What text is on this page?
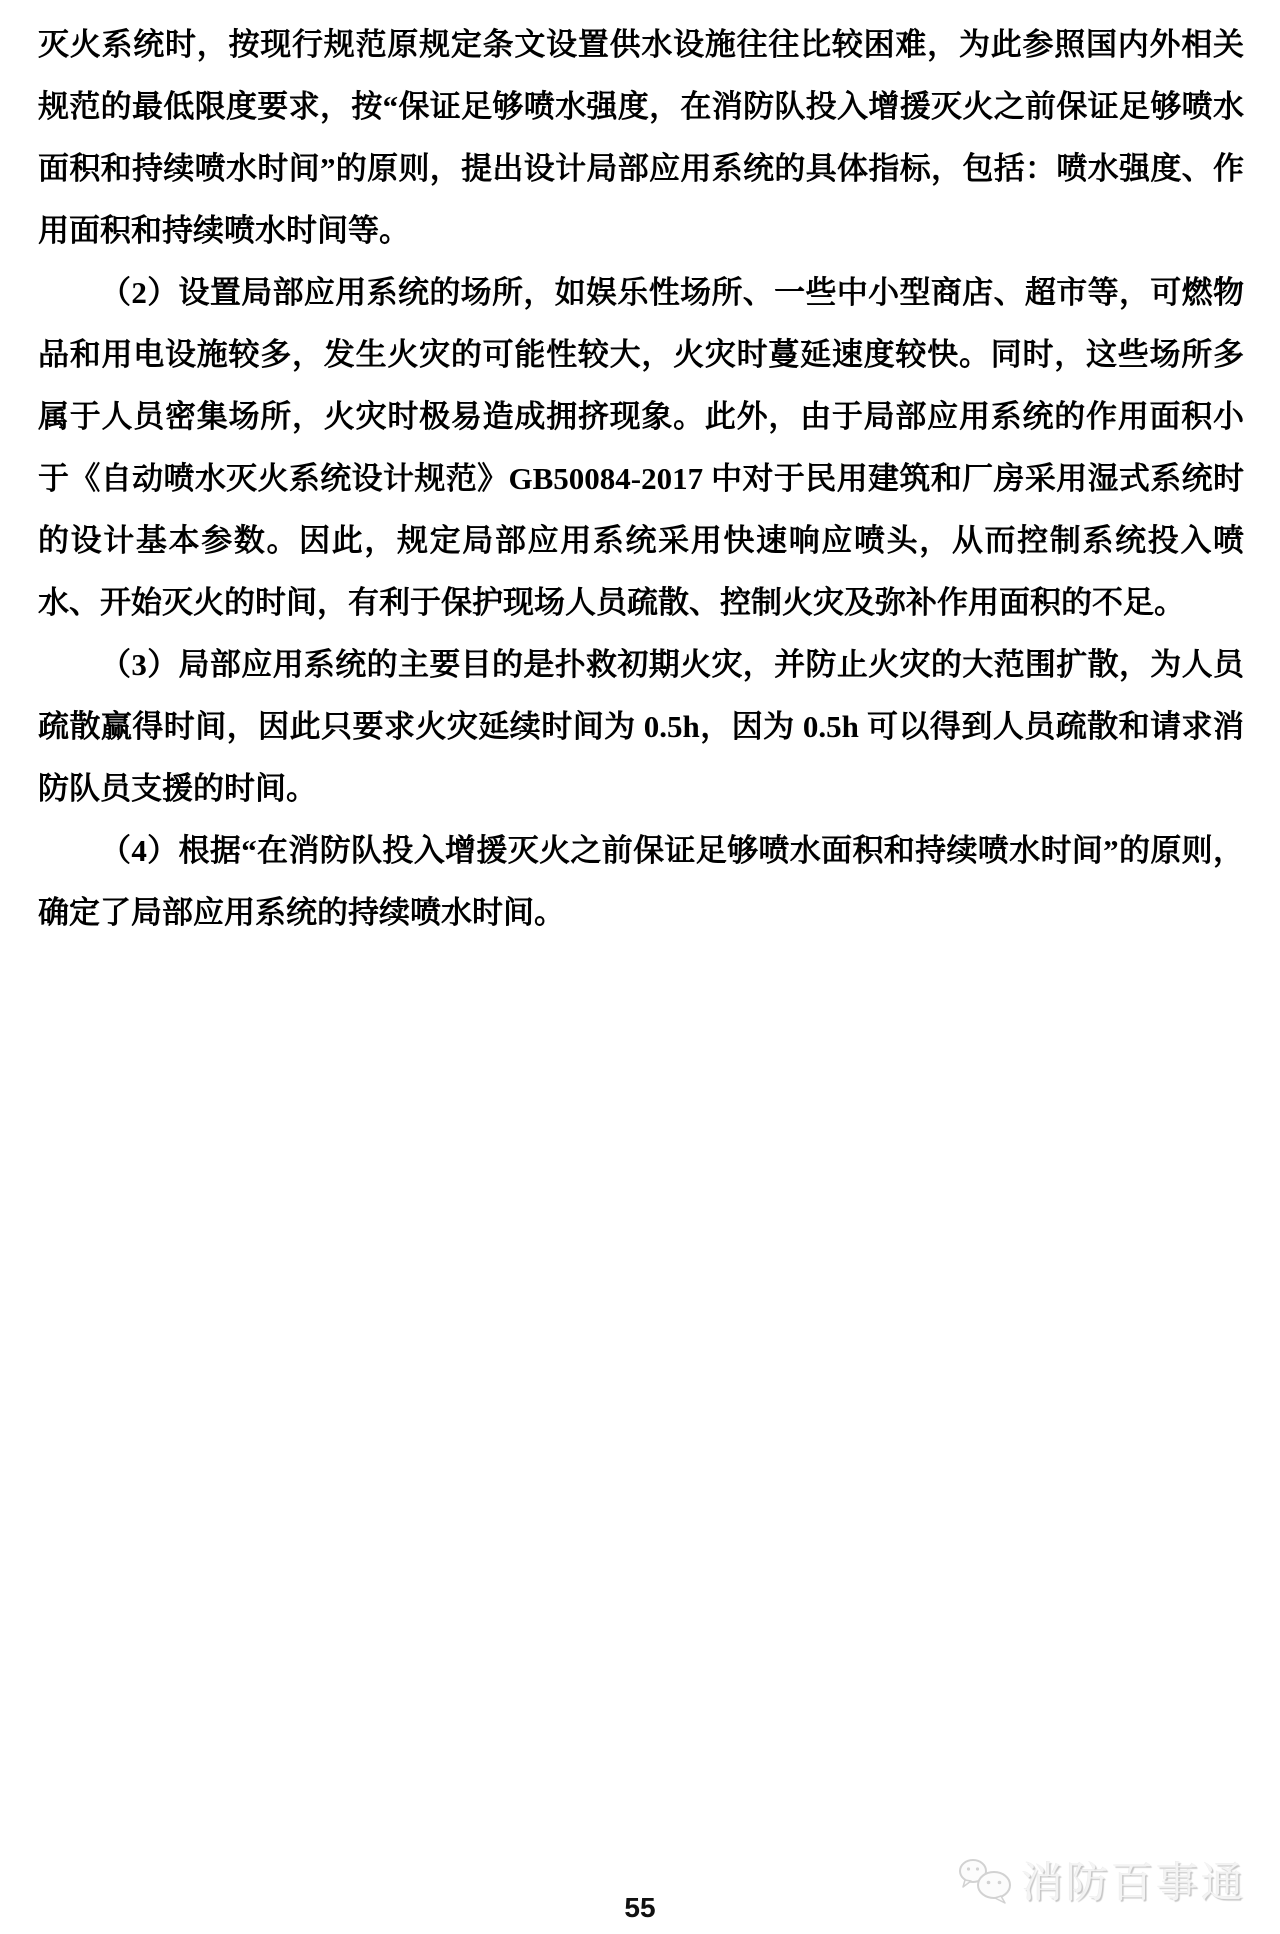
灭火系统时，按现行规范原规定条文设置供水设施往往比较困难，为此参照国内外相关规范的最低限度要求，按“保证足够喷水强度，在消防队投入增援灭火之前保证足够喷水面积和持续喷水时间”的原则，提出设计局部应用系统的具体指标，包括：喷水强度、作用面积和持续喷水时间等。

（2）设置局部应用系统的场所，如娱乐性场所、一些中小型商店、超市等，可燃物品和用电设施较多，发生火灾的可能性较大，火灾时蔓延速度较快。同时，这些场所多属于人员密集场所，火灾时极易造成拥挤现象。此外，由于局部应用系统的作用面积小于《自动喷水灭火系统设计规范》GB50084-2017 中对于民用建筑和厂房采用湿式系统时的设计基本参数。因此，规定局部应用系统采用快速响应喷头，从而控制系统投入喷水、开始灭火的时间，有利于保护现场人员疏散、控制火灾及弥补作用面积的不足。

（3）局部应用系统的主要目的是扑救初期火灾，并防止火灾的大范围扩散，为人员疏散赢得时间，因此只要求火灾延续时间为 0.5h，因为 0.5h 可以得到人员疏散和请求消防队员支援的时间。

（4）根据“在消防队投入增援灭火之前保证足够喷水面积和持续喷水时间”的原则，确定了局部应用系统的持续喷水时间。

消防百事通
55
